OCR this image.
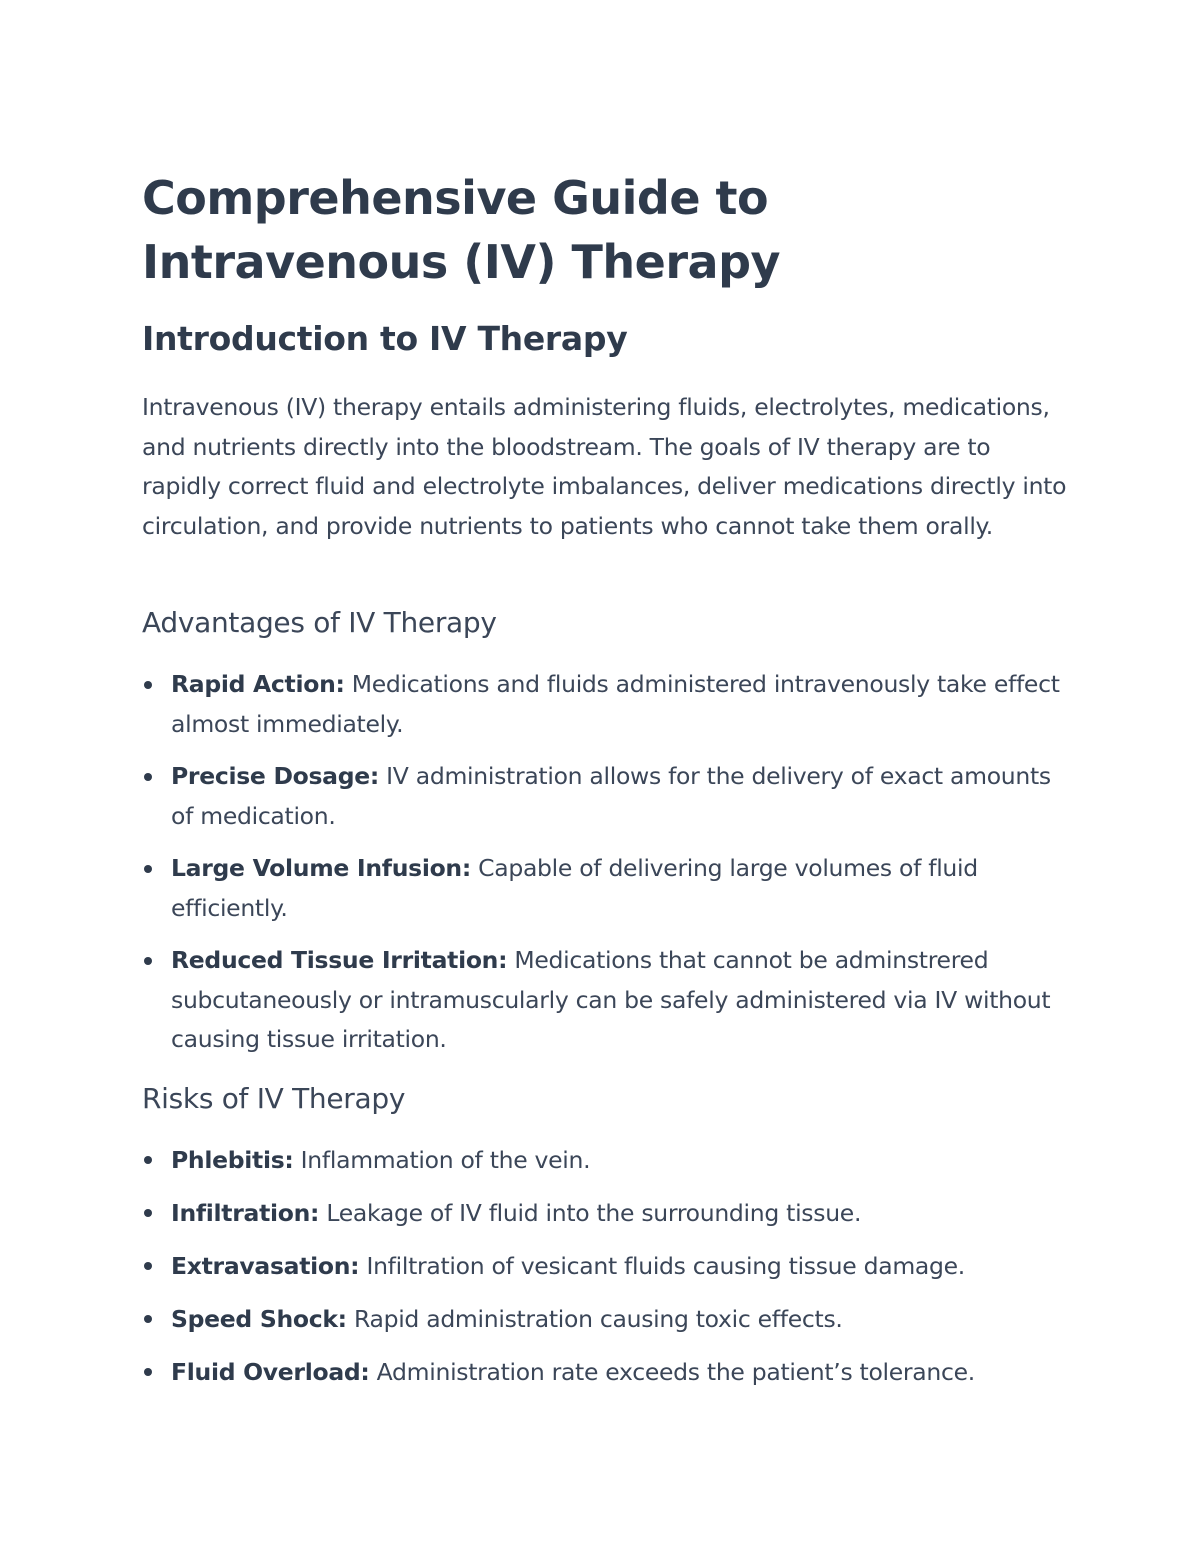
Comprehensive Guide to Intravenous (IV) Therapy
Introduction to IV Therapy

Intravenous (IV) therapy entails administering fluids, electrolytes, medications, and nutrients directly into the bloodstream. The goals of IV therapy are to rapidly correct fluid and electrolyte imbalances, deliver medications directly into circulation, and provide nutrients to patients who cannot take them orally.

Advantages of IV Therapy
Rapid Action: Medications and fluids administered intravenously take effect almost immediately.
Precise Dosage: IV administration allows for the delivery of exact amounts of medication.
Large Volume Infusion: Capable of delivering large volumes of fluid efficiently.
Reduced Tissue Irritation: Medications that cannot be adminstrered subcutaneously or intramuscularly can be safely administered via IV without causing tissue irritation.
Risks of IV Therapy
Phlebitis: Inflammation of the vein.
Infiltration: Leakage of IV fluid into the surrounding tissue.
Extravasation: Infiltration of vesicant fluids causing tissue damage.
Speed Shock: Rapid administration causing toxic effects.
Fluid Overload: Administration rate exceeds the patient’s tolerance.
